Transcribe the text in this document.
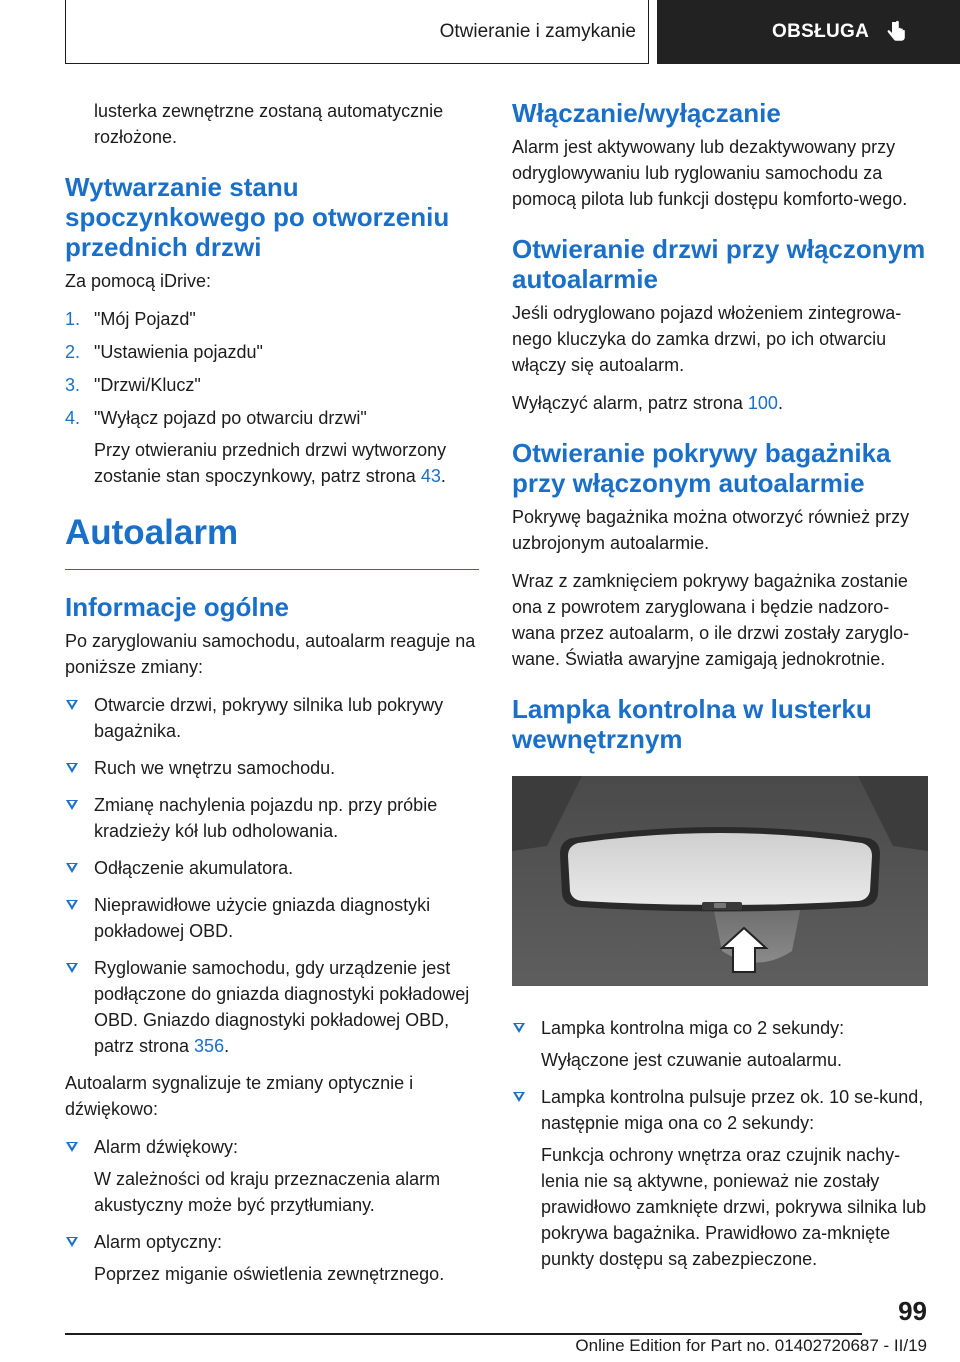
Otwieranie i zamykanie	OBSŁUGA

lusterka zewnętrzne zostaną automatycznie rozłożone.

Wytwarzanie stanu spoczynkowego po otworzeniu przednich drzwi

Za pomocą iDrive:

1. "Mój Pojazd"
2. "Ustawienia pojazdu"
3. "Drzwi/Klucz"
4. "Wyłącz pojazd po otwarciu drzwi"

Przy otwieraniu przednich drzwi wytworzony zostanie stan spoczynkowy, patrz strona 43.

Autoalarm
Informacje ogólne

Po zaryglowaniu samochodu, autoalarm reaguje na poniższe zmiany:

Otwarcie drzwi, pokrywy silnika lub pokrywy bagażnika.
Ruch we wnętrzu samochodu.
Zmianę nachylenia pojazdu np. przy próbie kradzieży kół lub odholowania.
Odłączenie akumulatora.
Nieprawidłowe użycie gniazda diagnostyki pokładowej OBD.
Ryglowanie samochodu, gdy urządzenie jest podłączone do gniazda diagnostyki pokładowej OBD. Gniazdo diagnostyki pokładowej OBD, patrz strona 356.

Autoalarm sygnalizuje te zmiany optycznie i dźwiękowo:

Alarm dźwiękowy:

W zależności od kraju przeznaczenia alarm akustyczny może być przytłumiany.

Alarm optyczny:

Poprzez miganie oświetlenia zewnętrznego.

Włączanie/wyłączanie

Alarm jest aktywowany lub dezaktywowany przy odryglowywaniu lub ryglowaniu samochodu za pomocą pilota lub funkcji dostępu komforto-wego.

Otwieranie drzwi przy włączonym autoalarmie

Jeśli odryglowano pojazd włożeniem zintegrowa-nego kluczyka do zamka drzwi, po ich otwarciu włączy się autoalarm.

Wyłączyć alarm, patrz strona 100.

Otwieranie pokrywy bagażnika przy włączonym autoalarmie

Pokrywę bagażnika można otworzyć również przy uzbrojonym autoalarmie.

Wraz z zamknięciem pokrywy bagażnika zostanie ona z powrotem zaryglowana i będzie nadzoro-wana przez autoalarm, o ile drzwi zostały zaryglo-wane. Światła awaryjne zamigają jednokrotnie.

Lampka kontrolna w lusterku wewnętrznym
Lampka kontrolna miga co 2 sekundy:

Wyłączone jest czuwanie autoalarmu.

Lampka kontrolna pulsuje przez ok. 10 se-kund, następnie miga ona co 2 sekundy:

Funkcja ochrony wnętrza oraz czujnik nachy-lenia nie są aktywne, ponieważ nie zostały prawidłowo zamknięte drzwi, pokrywa silnika lub pokrywa bagażnika. Prawidłowo za-mknięte punkty dostępu są zabezpieczone.

99
Online Edition for Part no. 01402720687 - II/19
